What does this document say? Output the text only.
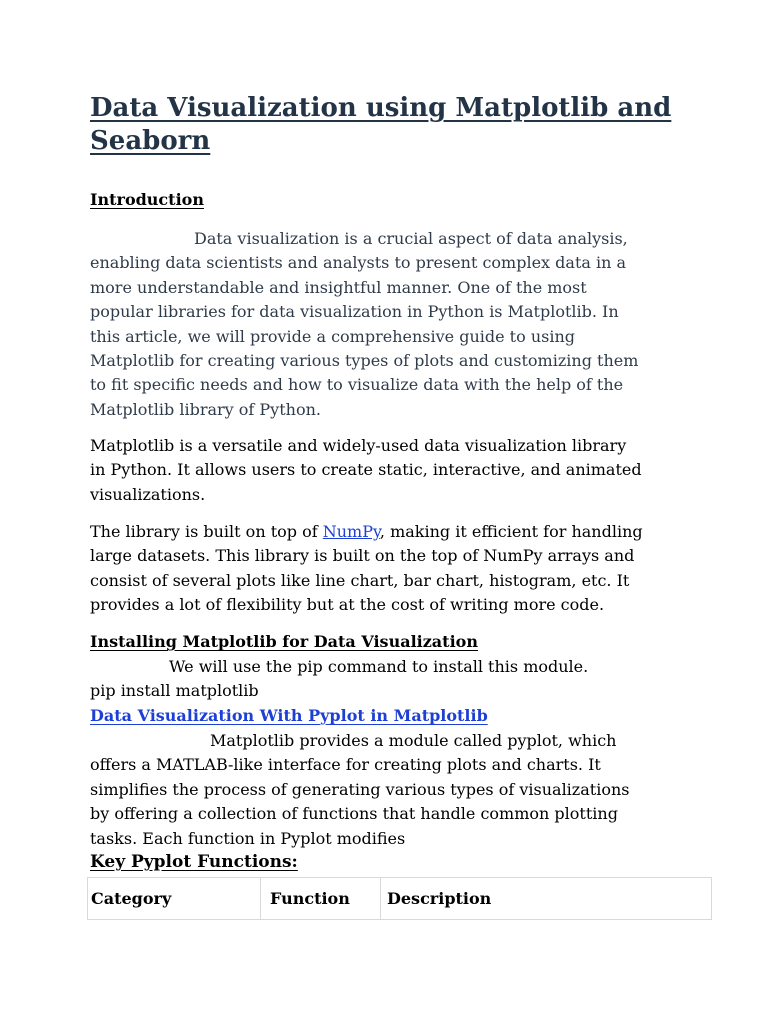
Data Visualization using Matplotlib and Seaborn
Introduction
Data visualization is a crucial aspect of data analysis,
enabling data scientists and analysts to present complex data in a
more understandable and insightful manner. One of the most
popular libraries for data visualization in Python is Matplotlib. In
this article, we will provide a comprehensive guide to using
Matplotlib for creating various types of plots and customizing them
to fit specific needs and how to visualize data with the help of the
Matplotlib library of Python.
Matplotlib is a versatile and widely-used data visualization library
in Python. It allows users to create static, interactive, and animated
visualizations.
The library is built on top of NumPy, making it efficient for handling
large datasets. This library is built on the top of NumPy arrays and
consist of several plots like line chart, bar chart, histogram, etc. It
provides a lot of flexibility but at the cost of writing more code.
Installing Matplotlib for Data Visualization
We will use the pip command to install this module.
pip install matplotlib
Data Visualization With Pyplot in Matplotlib
Matplotlib provides a module called pyplot, which
offers a MATLAB-like interface for creating plots and charts. It
simplifies the process of generating various types of visualizations
by offering a collection of functions that handle common plotting
tasks. Each function in Pyplot modifies
Key Pyplot Functions:
Category	Function	Description
